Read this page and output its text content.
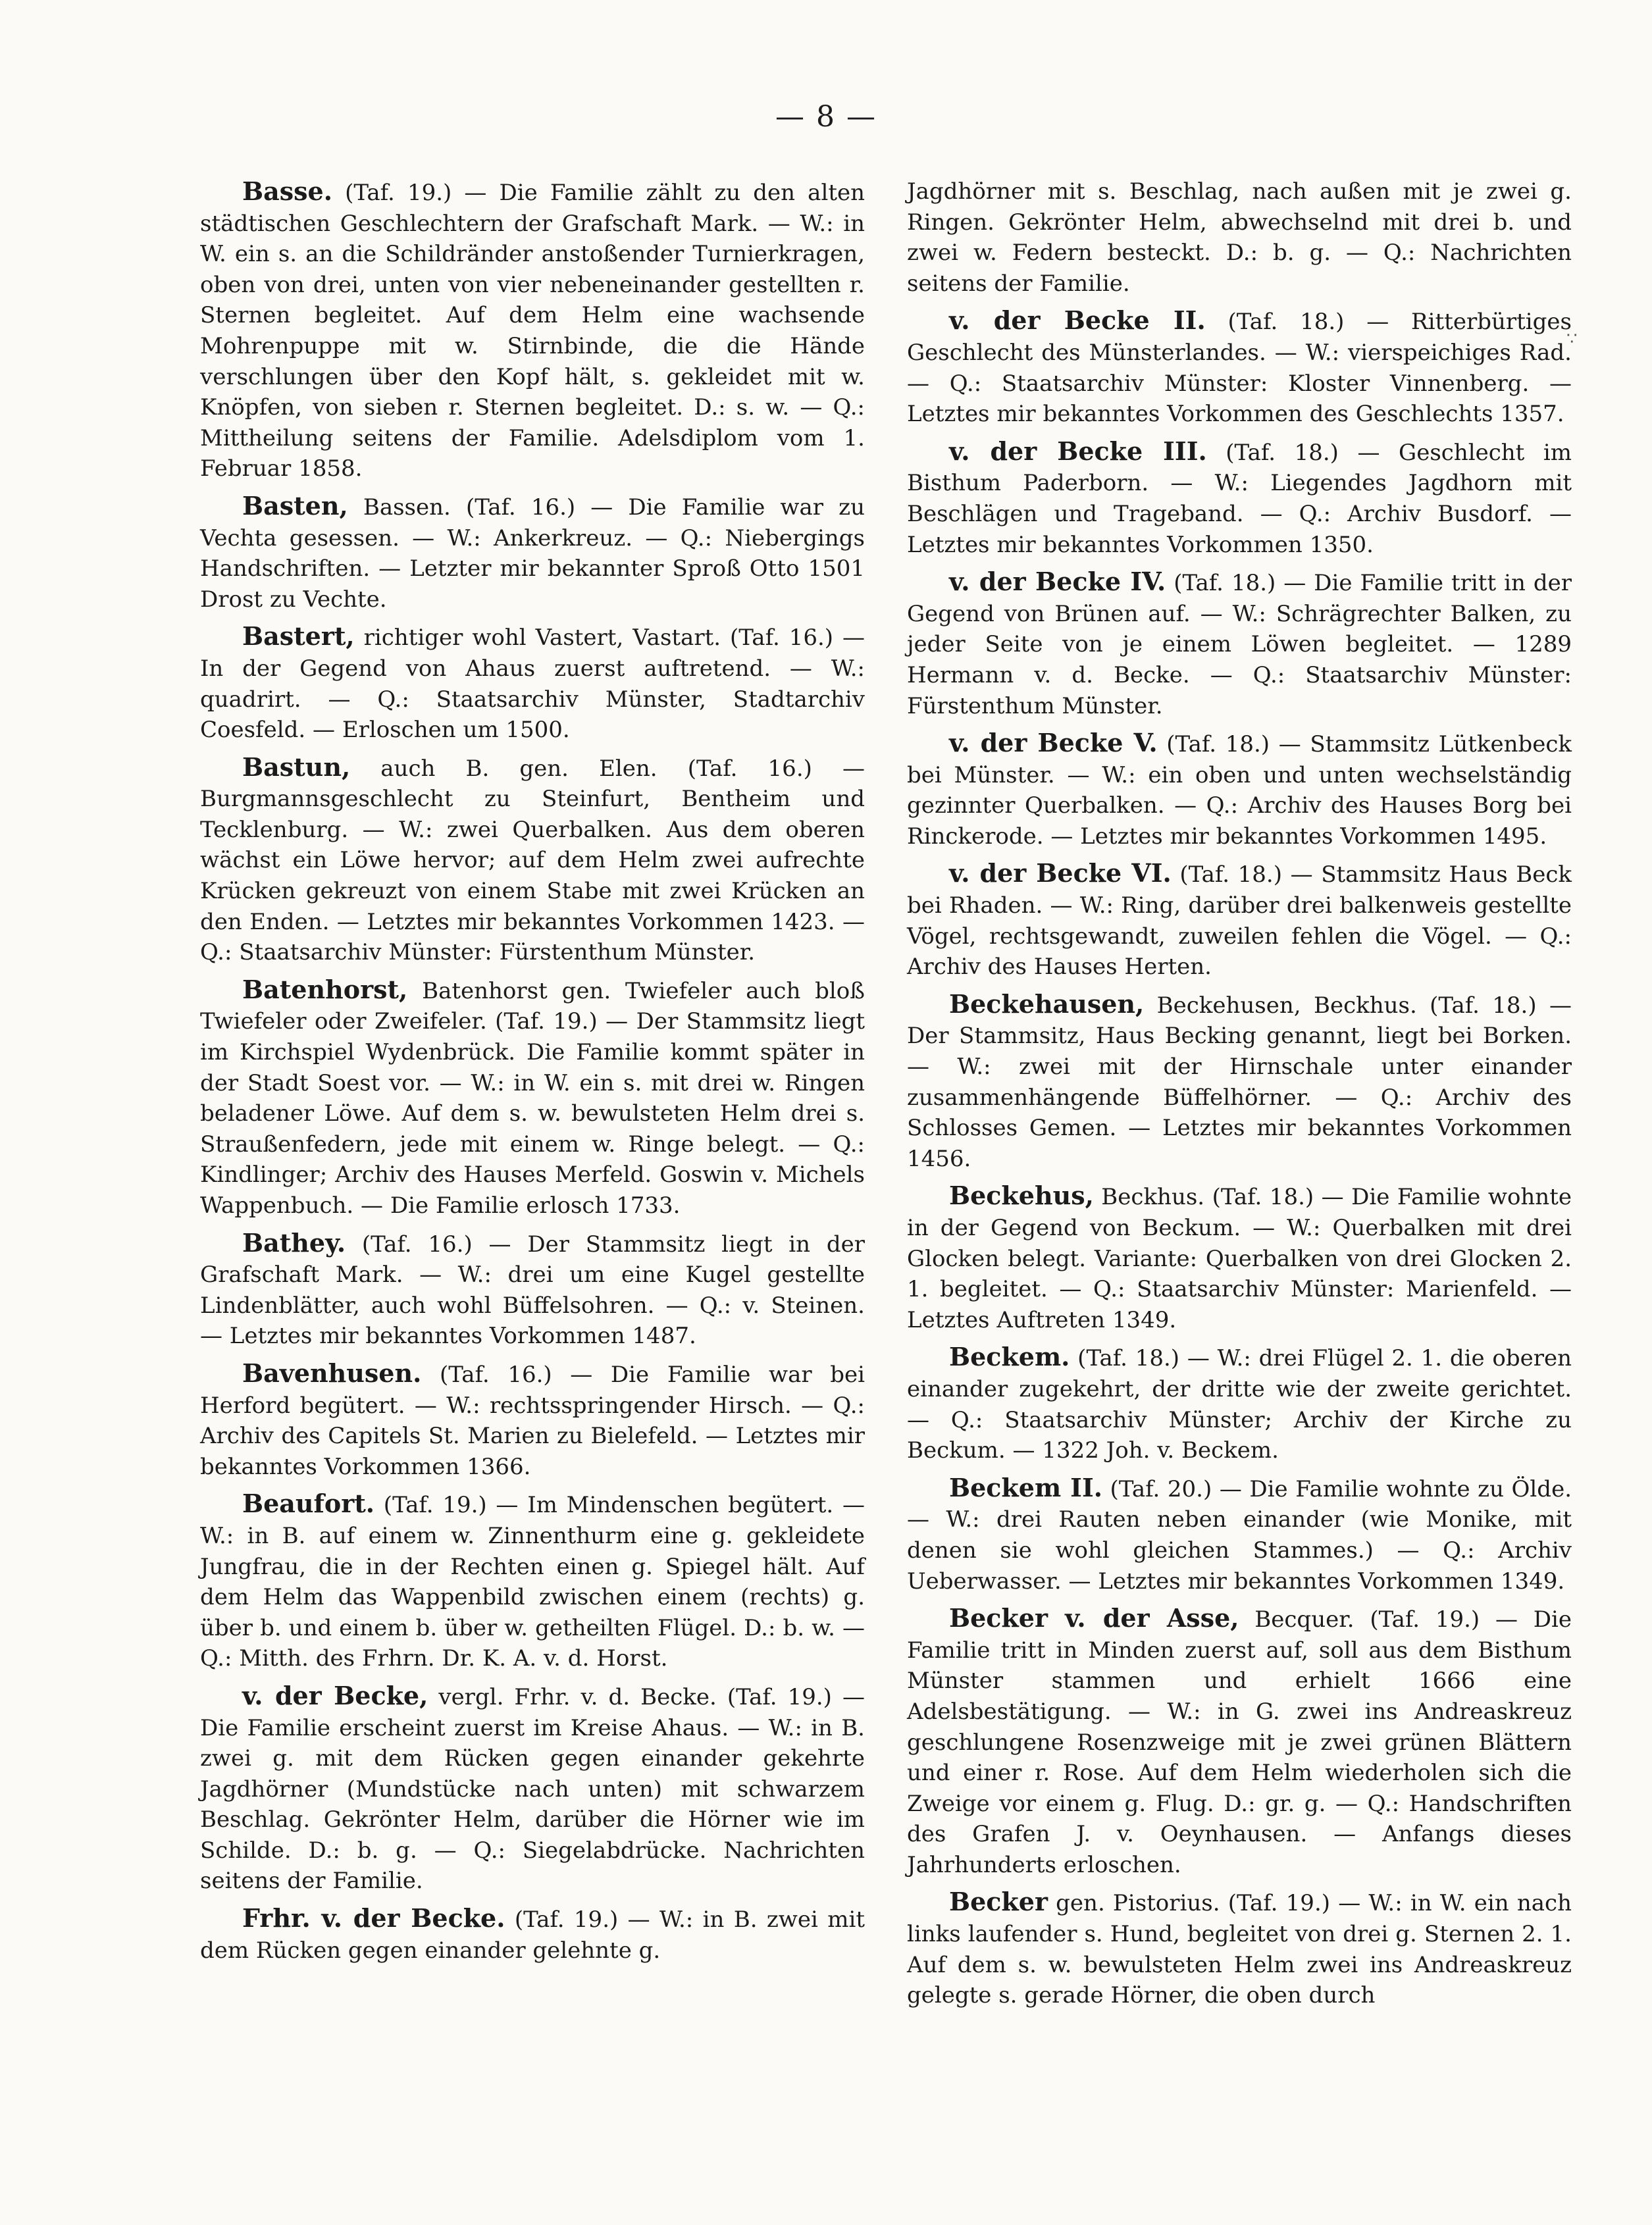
— 8 —
∵

Basse. (Taf. 19.) — Die Familie zählt zu den alten städtischen Geschlechtern der Grafschaft Mark. — W.: in W. ein s. an die Schildränder anstoßender Turnierkragen, oben von drei, unten von vier nebeneinander gestellten r. Sternen begleitet. Auf dem Helm eine wachsende Mohrenpuppe mit w. Stirnbinde, die die Hände verschlungen über den Kopf hält, s. gekleidet mit w. Knöpfen, von sieben r. Sternen begleitet. D.: s. w. — Q.: Mittheilung seitens der Familie. Adelsdiplom vom 1. Februar 1858.

Basten, Bassen. (Taf. 16.) — Die Familie war zu Vechta gesessen. — W.: Ankerkreuz. — Q.: Niebergings Handschriften. — Letzter mir bekannter Sproß Otto 1501 Drost zu Vechte.

Bastert, richtiger wohl Vastert, Vastart. (Taf. 16.) — In der Gegend von Ahaus zuerst auftretend. — W.: quadrirt. — Q.: Staatsarchiv Münster, Stadtarchiv Coesfeld. — Erloschen um 1500.

Bastun, auch B. gen. Elen. (Taf. 16.) — Burgmannsgeschlecht zu Steinfurt, Bentheim und Tecklenburg. — W.: zwei Querbalken. Aus dem oberen wächst ein Löwe hervor; auf dem Helm zwei aufrechte Krücken gekreuzt von einem Stabe mit zwei Krücken an den Enden. — Letztes mir bekanntes Vorkommen 1423. — Q.: Staatsarchiv Münster: Fürstenthum Münster.

Batenhorst, Batenhorst gen. Twiefeler auch bloß Twiefeler oder Zweifeler. (Taf. 19.) — Der Stammsitz liegt im Kirchspiel Wydenbrück. Die Familie kommt später in der Stadt Soest vor. — W.: in W. ein s. mit drei w. Ringen beladener Löwe. Auf dem s. w. bewulsteten Helm drei s. Straußenfedern, jede mit einem w. Ringe belegt. — Q.: Kindlinger; Archiv des Hauses Merfeld. Goswin v. Michels Wappenbuch. — Die Familie erlosch 1733.

Bathey. (Taf. 16.) — Der Stammsitz liegt in der Grafschaft Mark. — W.: drei um eine Kugel gestellte Lindenblätter, auch wohl Büffelsohren. — Q.: v. Steinen. — Letztes mir bekanntes Vorkommen 1487.

Bavenhusen. (Taf. 16.) — Die Familie war bei Herford begütert. — W.: rechtsspringender Hirsch. — Q.: Archiv des Capitels St. Marien zu Bielefeld. — Letztes mir bekanntes Vorkommen 1366.

Beaufort. (Taf. 19.) — Im Mindenschen begütert. — W.: in B. auf einem w. Zinnenthurm eine g. gekleidete Jungfrau, die in der Rechten einen g. Spiegel hält. Auf dem Helm das Wappenbild zwischen einem (rechts) g. über b. und einem b. über w. getheilten Flügel. D.: b. w. — Q.: Mitth. des Frhrn. Dr. K. A. v. d. Horst.

v. der Becke, vergl. Frhr. v. d. Becke. (Taf. 19.) — Die Familie erscheint zuerst im Kreise Ahaus. — W.: in B. zwei g. mit dem Rücken gegen einander gekehrte Jagdhörner (Mundstücke nach unten) mit schwarzem Beschlag. Gekrönter Helm, darüber die Hörner wie im Schilde. D.: b. g. — Q.: Siegelabdrücke. Nachrichten seitens der Familie.

Frhr. v. der Becke. (Taf. 19.) — W.: in B. zwei mit dem Rücken gegen einander gelehnte g.

Jagdhörner mit s. Beschlag, nach außen mit je zwei g. Ringen. Gekrönter Helm, abwechselnd mit drei b. und zwei w. Federn besteckt. D.: b. g. — Q.: Nachrichten seitens der Familie.

v. der Becke II. (Taf. 18.) — Ritterbürtiges Geschlecht des Münsterlandes. — W.: vierspeichiges Rad. — Q.: Staatsarchiv Münster: Kloster Vinnenberg. — Letztes mir bekanntes Vorkommen des Geschlechts 1357.

v. der Becke III. (Taf. 18.) — Geschlecht im Bisthum Paderborn. — W.: Liegendes Jagdhorn mit Beschlägen und Trageband. — Q.: Archiv Busdorf. — Letztes mir bekanntes Vorkommen 1350.

v. der Becke IV. (Taf. 18.) — Die Familie tritt in der Gegend von Brünen auf. — W.: Schrägrechter Balken, zu jeder Seite von je einem Löwen begleitet. — 1289 Hermann v. d. Becke. — Q.: Staatsarchiv Münster: Fürstenthum Münster.

v. der Becke V. (Taf. 18.) — Stammsitz Lütkenbeck bei Münster. — W.: ein oben und unten wechselständig gezinnter Querbalken. — Q.: Archiv des Hauses Borg bei Rinckerode. — Letztes mir bekanntes Vorkommen 1495.

v. der Becke VI. (Taf. 18.) — Stammsitz Haus Beck bei Rhaden. — W.: Ring, darüber drei balkenweis gestellte Vögel, rechtsgewandt, zuweilen fehlen die Vögel. — Q.: Archiv des Hauses Herten.

Beckehausen, Beckehusen, Beckhus. (Taf. 18.) — Der Stammsitz, Haus Becking genannt, liegt bei Borken. — W.: zwei mit der Hirnschale unter einander zusammenhängende Büffelhörner. — Q.: Archiv des Schlosses Gemen. — Letztes mir bekanntes Vorkommen 1456.

Beckehus, Beckhus. (Taf. 18.) — Die Familie wohnte in der Gegend von Beckum. — W.: Querbalken mit drei Glocken belegt. Variante: Querbalken von drei Glocken 2. 1. begleitet. — Q.: Staatsarchiv Münster: Marienfeld. — Letztes Auftreten 1349.

Beckem. (Taf. 18.) — W.: drei Flügel 2. 1. die oberen einander zugekehrt, der dritte wie der zweite gerichtet. — Q.: Staatsarchiv Münster; Archiv der Kirche zu Beckum. — 1322 Joh. v. Beckem.

Beckem II. (Taf. 20.) — Die Familie wohnte zu Ölde. — W.: drei Rauten neben einander (wie Monike, mit denen sie wohl gleichen Stammes.) — Q.: Archiv Ueberwasser. — Letztes mir bekanntes Vorkommen 1349.

Becker v. der Asse, Becquer. (Taf. 19.) — Die Familie tritt in Minden zuerst auf, soll aus dem Bisthum Münster stammen und erhielt 1666 eine Adelsbestätigung. — W.: in G. zwei ins Andreaskreuz geschlungene Rosenzweige mit je zwei grünen Blättern und einer r. Rose. Auf dem Helm wiederholen sich die Zweige vor einem g. Flug. D.: gr. g. — Q.: Handschriften des Grafen J. v. Oeynhausen. — Anfangs dieses Jahrhunderts erloschen.

Becker gen. Pistorius. (Taf. 19.) — W.: in W. ein nach links laufender s. Hund, begleitet von drei g. Sternen 2. 1. Auf dem s. w. bewulsteten Helm zwei ins Andreaskreuz gelegte s. gerade Hörner, die oben durch
